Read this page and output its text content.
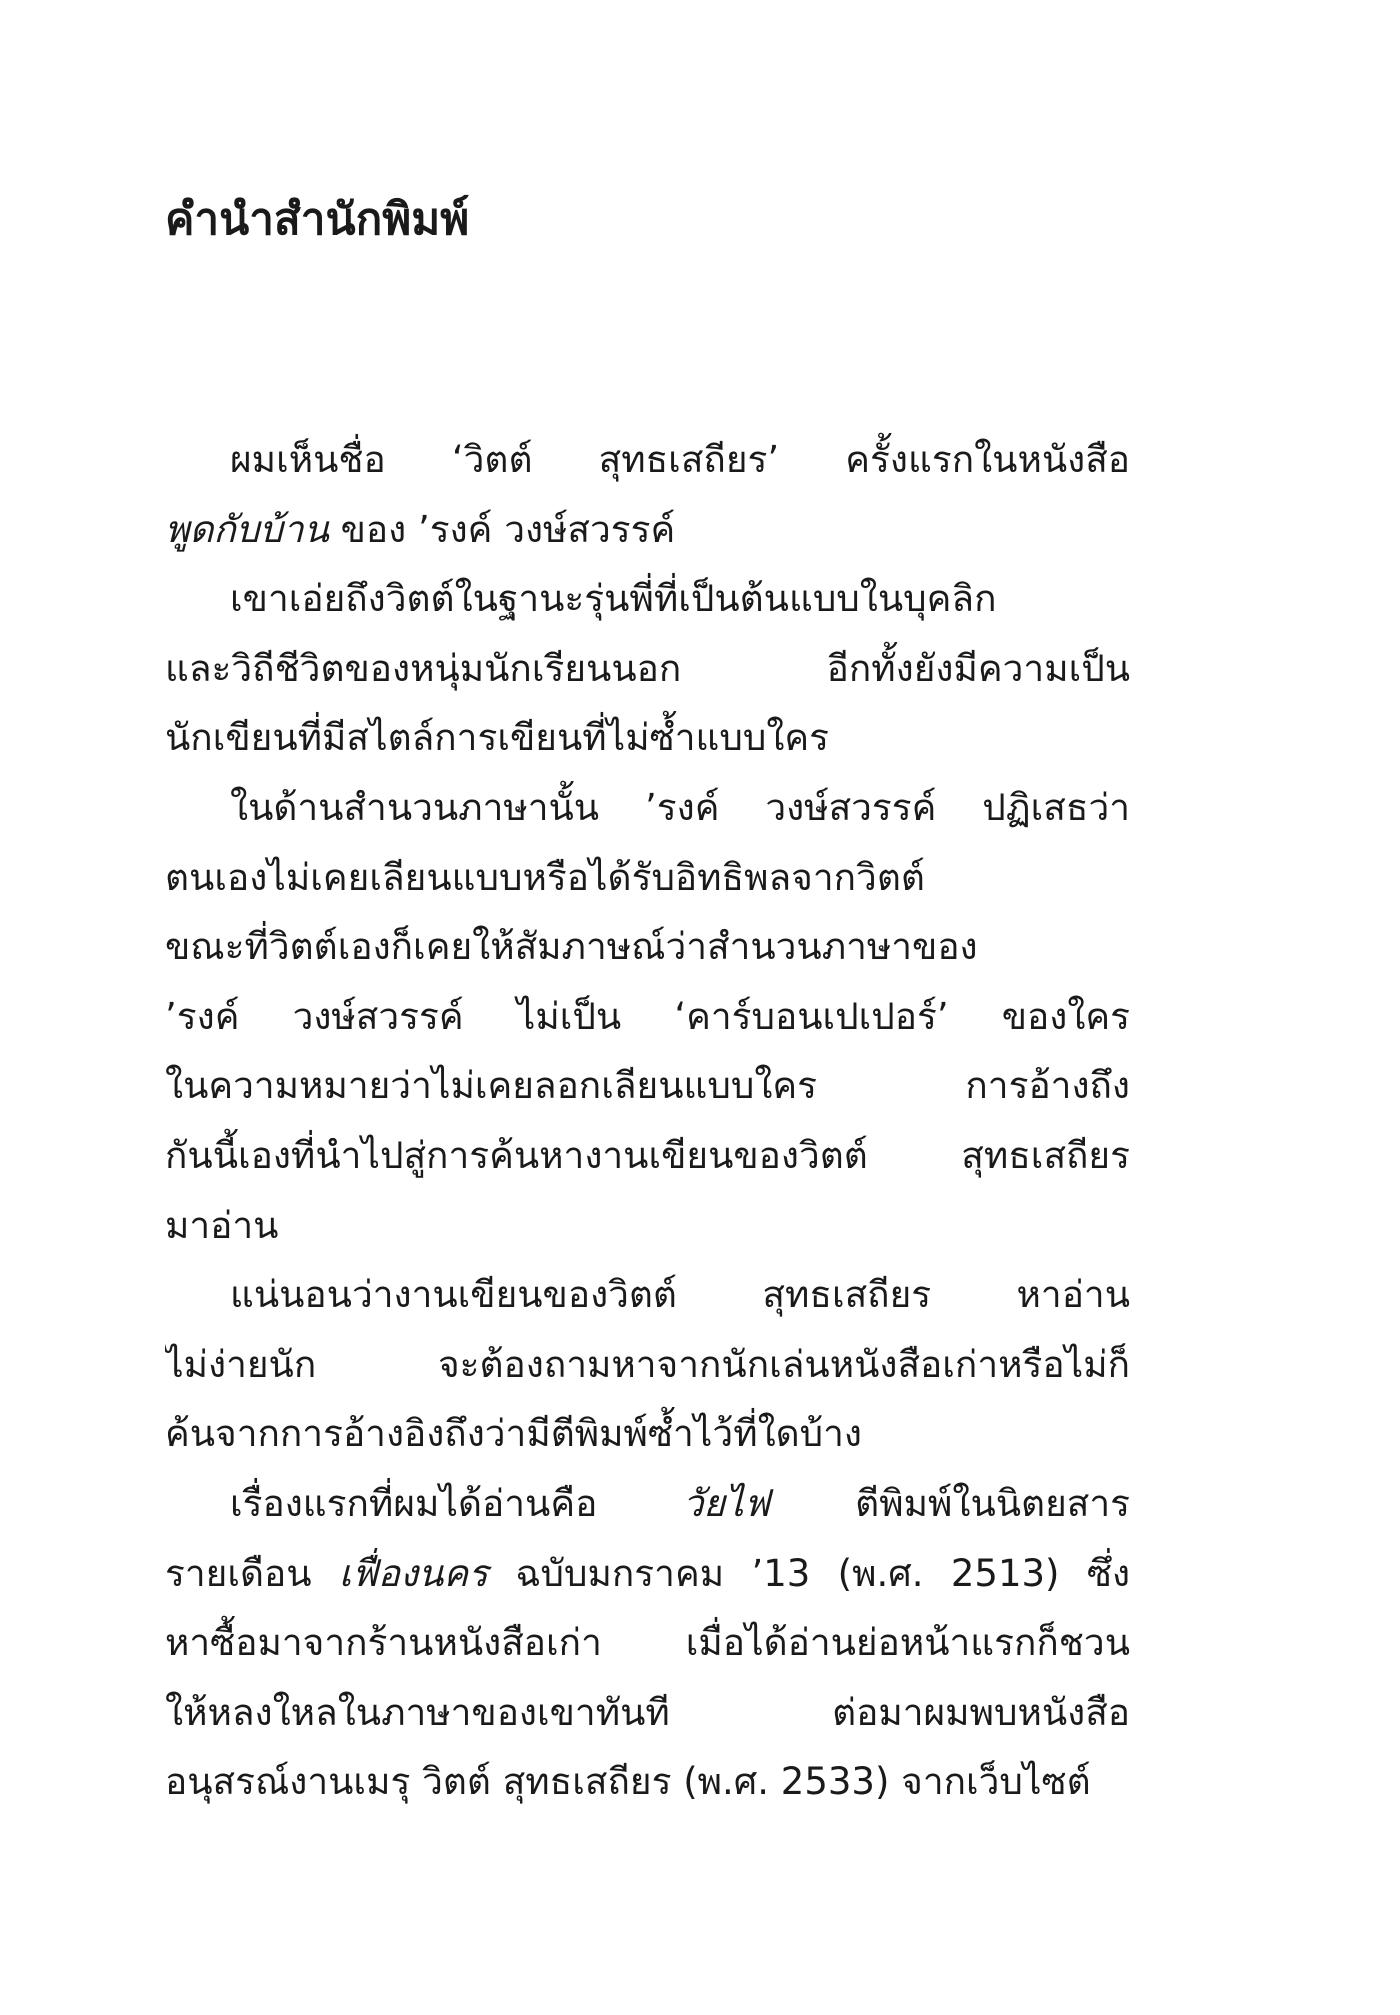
คำนำสำนักพิมพ์
ผมเห็นชื่อ ‘วิตต์ สุทธเสถียร’ ครั้งแรกในหนังสือ
พูดกับบ้าน ของ ’รงค์ วงษ์สวรรค์
เขาเอ่ยถึงวิตต์ในฐานะรุ่นพี่ที่เป็นต้นแบบในบุคลิก
และวิถีชีวิตของหนุ่มนักเรียนนอก อีกทั้งยังมีความเป็น
นักเขียนที่มีสไตล์การเขียนที่ไม่ซ้ำแบบใคร
ในด้านสำนวนภาษานั้น ’รงค์ วงษ์สวรรค์ ปฏิเสธว่า
ตนเองไม่เคยเลียนแบบหรือได้รับอิทธิพลจากวิตต์
ขณะที่วิตต์เองก็เคยให้สัมภาษณ์ว่าสำนวนภาษาของ
’รงค์ วงษ์สวรรค์ ไม่เป็น ‘คาร์บอนเปเปอร์’ ของใคร
ในความหมายว่าไม่เคยลอกเลียนแบบใคร การอ้างถึง
กันนี้เองที่นำไปสู่การค้นหางานเขียนของวิตต์ สุทธเสถียร
มาอ่าน
แน่นอนว่างานเขียนของวิตต์ สุทธเสถียร หาอ่าน
ไม่ง่ายนัก จะต้องถามหาจากนักเล่นหนังสือเก่าหรือไม่ก็
ค้นจากการอ้างอิงถึงว่ามีตีพิมพ์ซ้ำไว้ที่ใดบ้าง
เรื่องแรกที่ผมได้อ่านคือ วัยไฟ ตีพิมพ์ในนิตยสาร
รายเดือน เฟื่องนคร ฉบับมกราคม ’13 (พ.ศ. 2513) ซึ่ง
หาซื้อมาจากร้านหนังสือเก่า เมื่อได้อ่านย่อหน้าแรกก็ชวน
ให้หลงใหลในภาษาของเขาทันที ต่อมาผมพบหนังสือ
อนุสรณ์งานเมรุ วิตต์ สุทธเสถียร (พ.ศ. 2533) จากเว็บไซต์
